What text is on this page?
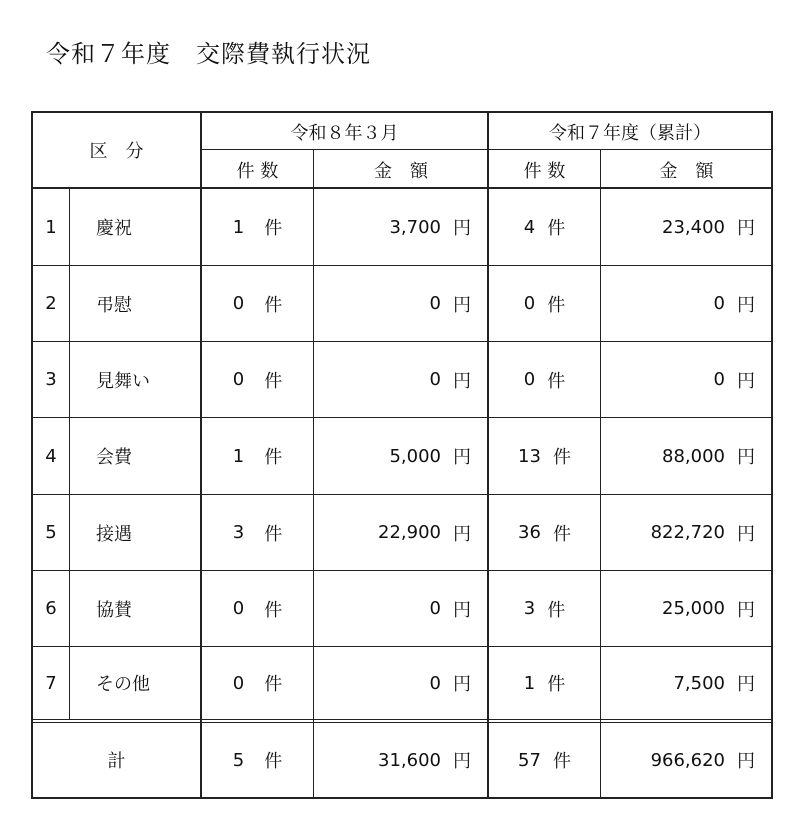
令和７年度　交際費執行状況
区　分
令和８年３月	令和７年度（累計）
件 数	金　額	件 数	金　額
1	慶祝	1 件	3,700 円	4 件	23,400 円
2	弔慰	0 件	0 円	0 件	0 円
3	見舞い	0 件	0 円	0 件	0 円
4	会費	1 件	5,000 円	13 件	88,000 円
5	接遇	3 件	22,900 円	36 件	822,720 円
6	協賛	0 件	0 円	3 件	25,000 円
7	その他	0 件	0 円	1 件	7,500 円
計	5 件	31,600 円	57 件	966,620 円
